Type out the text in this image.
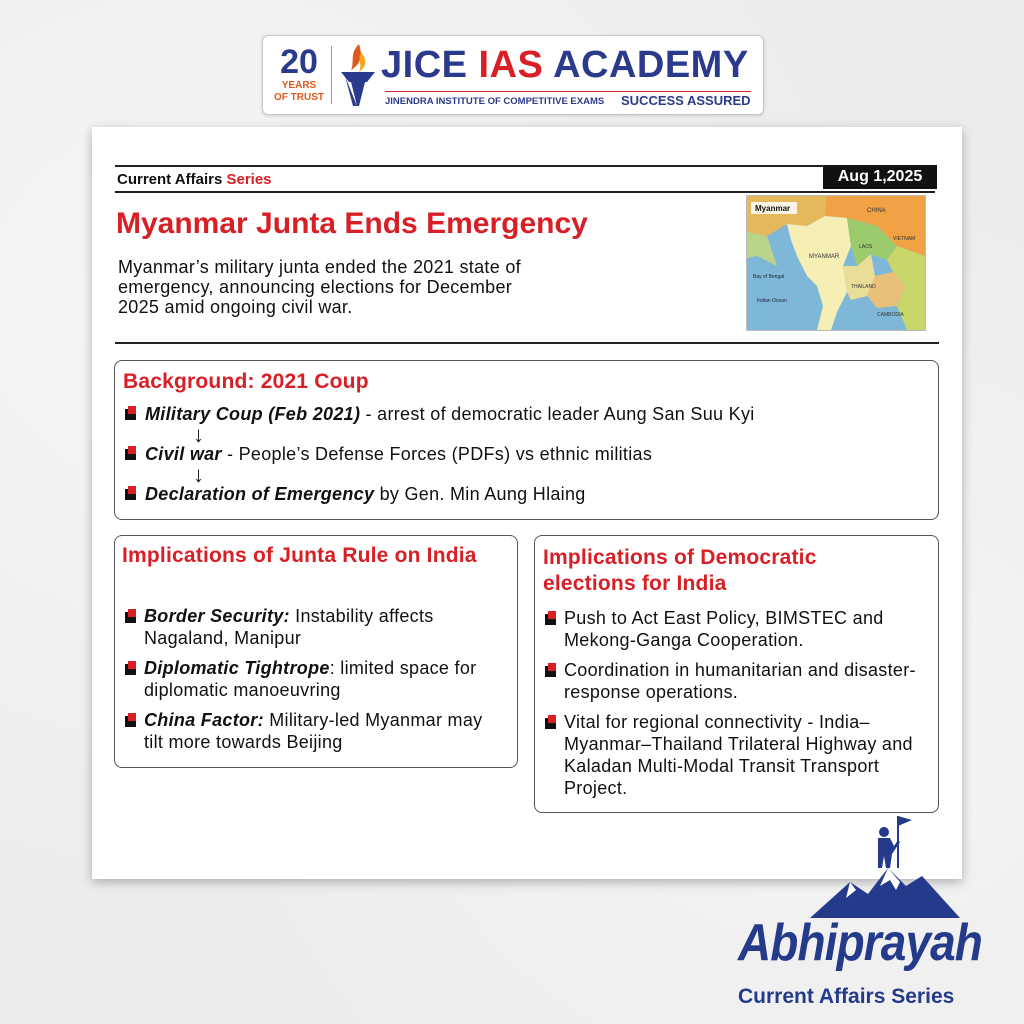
20
YEARS
OF TRUST
JICE IAS ACADEMY
JINENDRA INSTITUTE OF COMPETITIVE EXAMS SUCCESS ASSURED
Current Affairs Series	Aug 1,2025
Myanmar Junta Ends Emergency
Myanmar’s military junta ended the 2021 state of emergency, announcing elections for December 2025 amid ongoing civil war.
Myanmar	CHINA
MYANMAR
LAOS
THAILAND
VIETNAM
Bay of Bengal
Indian Ocean
CAMBODIA
Background: 2021 Coup
Military Coup (Feb 2021) - arrest of democratic leader Aung San Suu Kyi
↓
Civil war - People’s Defense Forces (PDFs) vs ethnic militias
↓
Declaration of Emergency by Gen. Min Aung Hlaing
Implications of Junta Rule on India
Border Security: Instability affects Nagaland, Manipur
Diplomatic Tightrope: limited space for diplomatic manoeuvring
China Factor: Military-led Myanmar may tilt more towards Beijing
Implications of Democratic elections for India
Push to Act East Policy, BIMSTEC and Mekong-Ganga Cooperation.
Coordination in humanitarian and disaster-response operations.
Vital for regional connectivity - India–Myanmar–Thailand Trilateral Highway and Kaladan Multi-Modal Transit Transport Project.
Abhiprayah
Current Affairs Series
